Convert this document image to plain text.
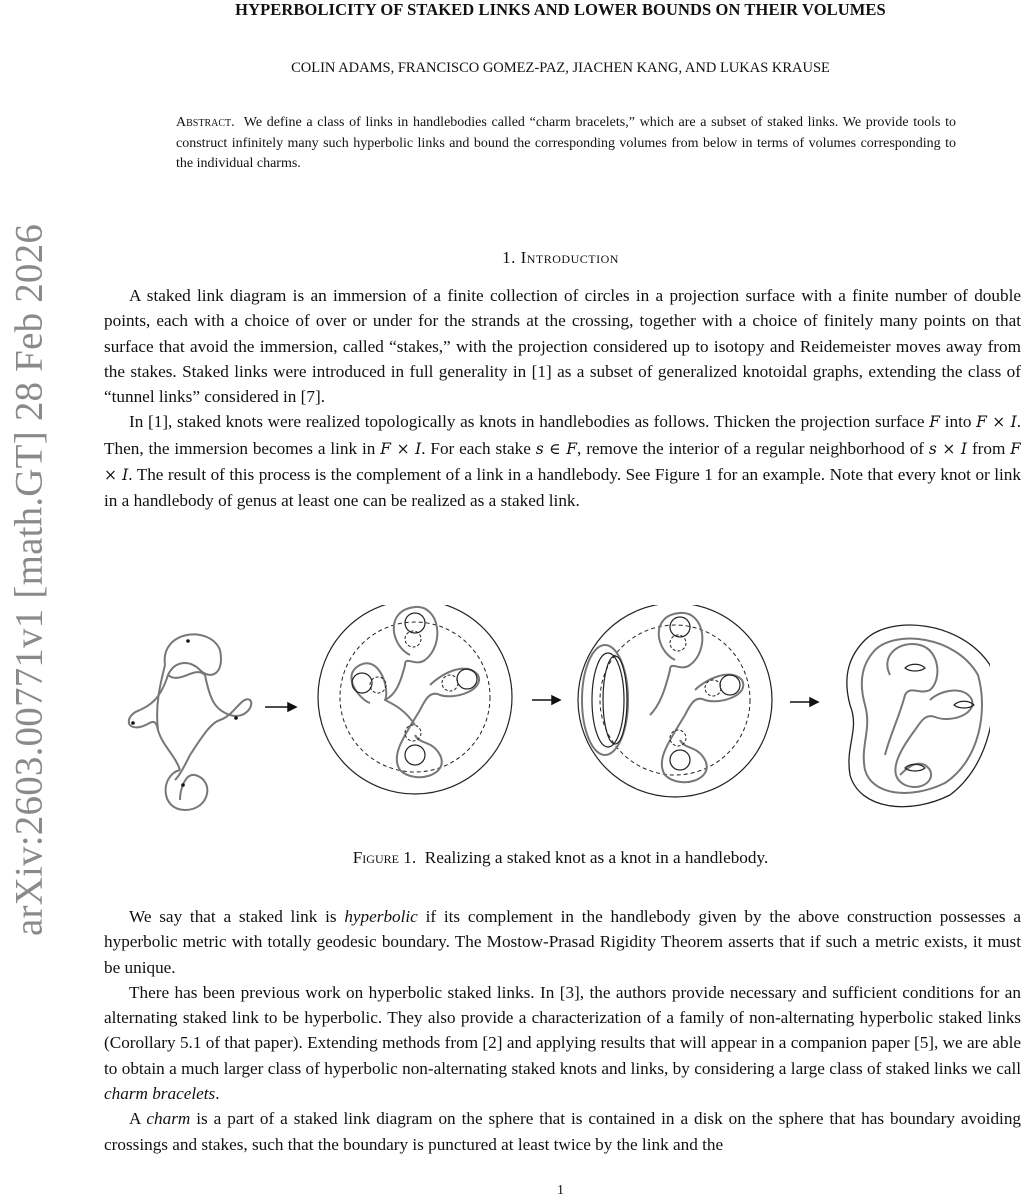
arXiv:2603.00771v1 [math.GT] 28 Feb 2026
HYPERBOLICITY OF STAKED LINKS AND LOWER BOUNDS ON THEIR VOLUMES
COLIN ADAMS, FRANCISCO GOMEZ-PAZ, JIACHEN KANG, AND LUKAS KRAUSE
Abstract. We define a class of links in handlebodies called “charm bracelets,” which are a subset of staked links. We provide tools to construct infinitely many such hyperbolic links and bound the corresponding volumes from below in terms of volumes corresponding to the individual charms.
1. Introduction

A staked link diagram is an immersion of a finite collection of circles in a projection surface with a finite number of double points, each with a choice of over or under for the strands at the crossing, together with a choice of finitely many points on that surface that avoid the immersion, called “stakes,” with the projection considered up to isotopy and Reidemeister moves away from the stakes. Staked links were introduced in full generality in [1] as a subset of generalized knotoidal graphs, extending the class of “tunnel links” considered in [7].

In [1], staked knots were realized topologically as knots in handlebodies as follows. Thicken the projection surface F into F × I. Then, the immersion becomes a link in F × I. For each stake s ∈ F, remove the interior of a regular neighborhood of s × I from F × I. The result of this process is the complement of a link in a handlebody. See Figure 1 for an example. Note that every knot or link in a handlebody of genus at least one can be realized as a staked link.

Figure 1. Realizing a staked knot as a knot in a handlebody.

We say that a staked link is hyperbolic if its complement in the handlebody given by the above construction possesses a hyperbolic metric with totally geodesic boundary. The Mostow-Prasad Rigidity Theorem asserts that if such a metric exists, it must be unique.

There has been previous work on hyperbolic staked links. In [3], the authors provide necessary and sufficient conditions for an alternating staked link to be hyperbolic. They also provide a characterization of a family of non-alternating hyperbolic staked links (Corollary 5.1 of that paper). Extending methods from [2] and applying results that will appear in a companion paper [5], we are able to obtain a much larger class of hyperbolic non-alternating staked knots and links, by considering a large class of staked links we call charm bracelets.

A charm is a part of a staked link diagram on the sphere that is contained in a disk on the sphere that has boundary avoiding crossings and stakes, such that the boundary is punctured at least twice by the link and the

1
